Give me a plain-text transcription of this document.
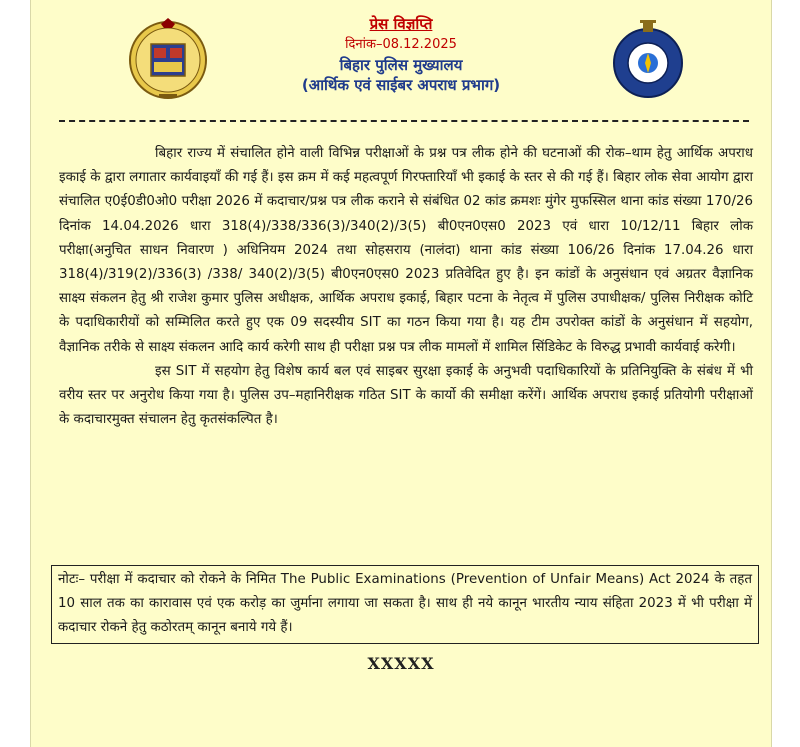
प्रेस विज्ञप्ति
दिनांक–08.12.2025
बिहार पुलिस मुख्यालय
(आर्थिक एवं साईबर अपराध प्रभाग)

बिहार राज्य में संचालित होने वाली विभिन्न परीक्षाओं के प्रश्न पत्र लीक होने की घटनाओं की रोक–थाम हेतु आर्थिक अपराध इकाई के द्वारा लगातार कार्यवाइयाँ की गई हैं। इस क्रम में कई महत्वपूर्ण गिरफ्तारियाँ भी इकाई के स्तर से की गई हैं। बिहार लोक सेवा आयोग द्वारा संचालित ए0ई0डी0ओ0 परीक्षा 2026 में कदाचार/प्रश्न पत्र लीक कराने से संबंधित 02 कांड क्रमशः मुंगेर मुफस्सिल थाना कांड संख्या 170/26 दिनांक 14.04.2026 धारा 318(4)/338/336(3)/340(2)/3(5) बी0एन0एस0 2023 एवं धारा 10/12/11 बिहार लोक परीक्षा(अनुचित साधन निवारण ) अधिनियम 2024 तथा सोहसराय (नालंदा) थाना कांड संख्या 106/26 दिनांक 17.04.26 धारा 318(4)/319(2)/336(3) /338/ 340(2)/3(5) बी0एन0एस0 2023 प्रतिवेदित हुए है। इन कांडों के अनुसंधान एवं अग्रतर वैज्ञानिक साक्ष्य संकलन हेतु श्री राजेश कुमार पुलिस अधीक्षक, आर्थिक अपराध इकाई, बिहार पटना के नेतृत्व में पुलिस उपाधीक्षक/ पुलिस निरीक्षक कोटि के पदाधिकारीयों को सम्मिलित करते हुए एक 09 सदस्यीय SIT का गठन किया गया है। यह टीम उपरोक्त कांडों के अनुसंधान में सहयोग, वैज्ञानिक तरीके से साक्ष्य संकलन आदि कार्य करेगी साथ ही परीक्षा प्रश्न पत्र लीक मामलों में शामिल सिंडिकेट के विरुद्ध प्रभावी कार्यवाई करेगी।

इस SIT में सहयोग हेतु विशेष कार्य बल एवं साइबर सुरक्षा इकाई के अनुभवी पदाधिकारियों के प्रतिनियुक्ति के संबंध में भी वरीय स्तर पर अनुरोध किया गया है। पुलिस उप–महानिरीक्षक गठित SIT के कार्यो की समीक्षा करेंगें। आर्थिक अपराध इकाई प्रतियोगी परीक्षाओं के कदाचारमुक्त संचालन हेतु कृतसंकल्पित है।

नोटः– परीक्षा में कदाचार को रोकने के निमित The Public Examinations (Prevention of Unfair Means) Act 2024 के तहत 10 साल तक का कारावास एवं एक करोड़ का जुर्माना लगाया जा सकता है। साथ ही नये कानून भारतीय न्याय संहिता 2023 में भी परीक्षा में कदाचार रोकने हेतु कठोरतम् कानून बनाये गये हैं।
XXXXX
